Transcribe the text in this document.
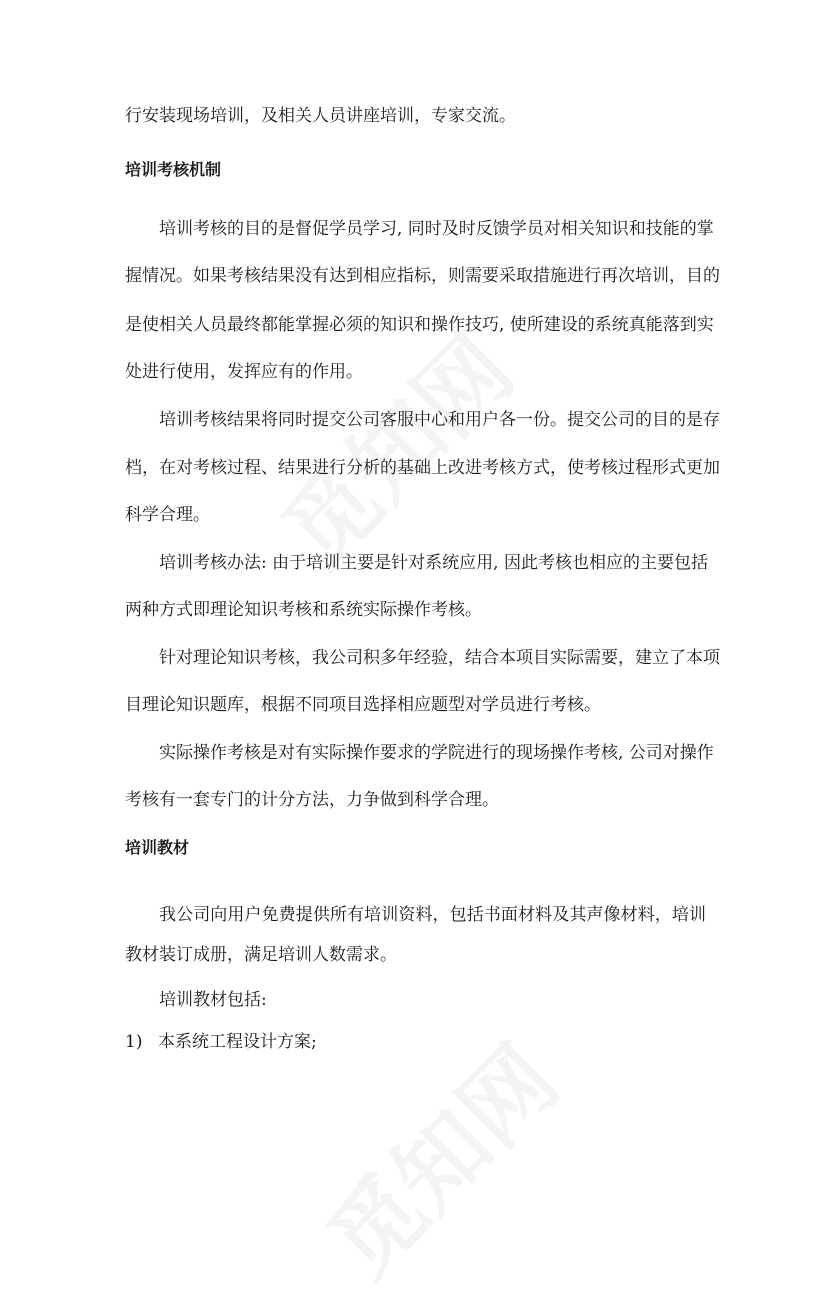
行安装现场培训，及相关人员讲座培训，专家交流。
培训考核机制
培训考核的目的是督促学员学习, 同时及时反馈学员对相关知识和技能的掌
握情况。如果考核结果没有达到相应指标，则需要采取措施进行再次培训，目的
是使相关人员最终都能掌握必须的知识和操作技巧, 使所建设的系统真能落到实
处进行使用，发挥应有的作用。
培训考核结果将同时提交公司客服中心和用户各一份。提交公司的目的是存
档，在对考核过程、结果进行分析的基础上改进考核方式，使考核过程形式更加
科学合理。
培训考核办法: 由于培训主要是针对系统应用, 因此考核也相应的主要包括
两种方式即理论知识考核和系统实际操作考核。
针对理论知识考核，我公司积多年经验，结合本项目实际需要，建立了本项
目理论知识题库，根据不同项目选择相应题型对学员进行考核。
实际操作考核是对有实际操作要求的学院进行的现场操作考核, 公司对操作
考核有一套专门的计分方法，力争做到科学合理。
培训教材
我公司向用户免费提供所有培训资料，包括书面材料及其声像材料，培训
教材装订成册，满足培训人数需求。
培训教材包括:
1) 本系统工程设计方案;
